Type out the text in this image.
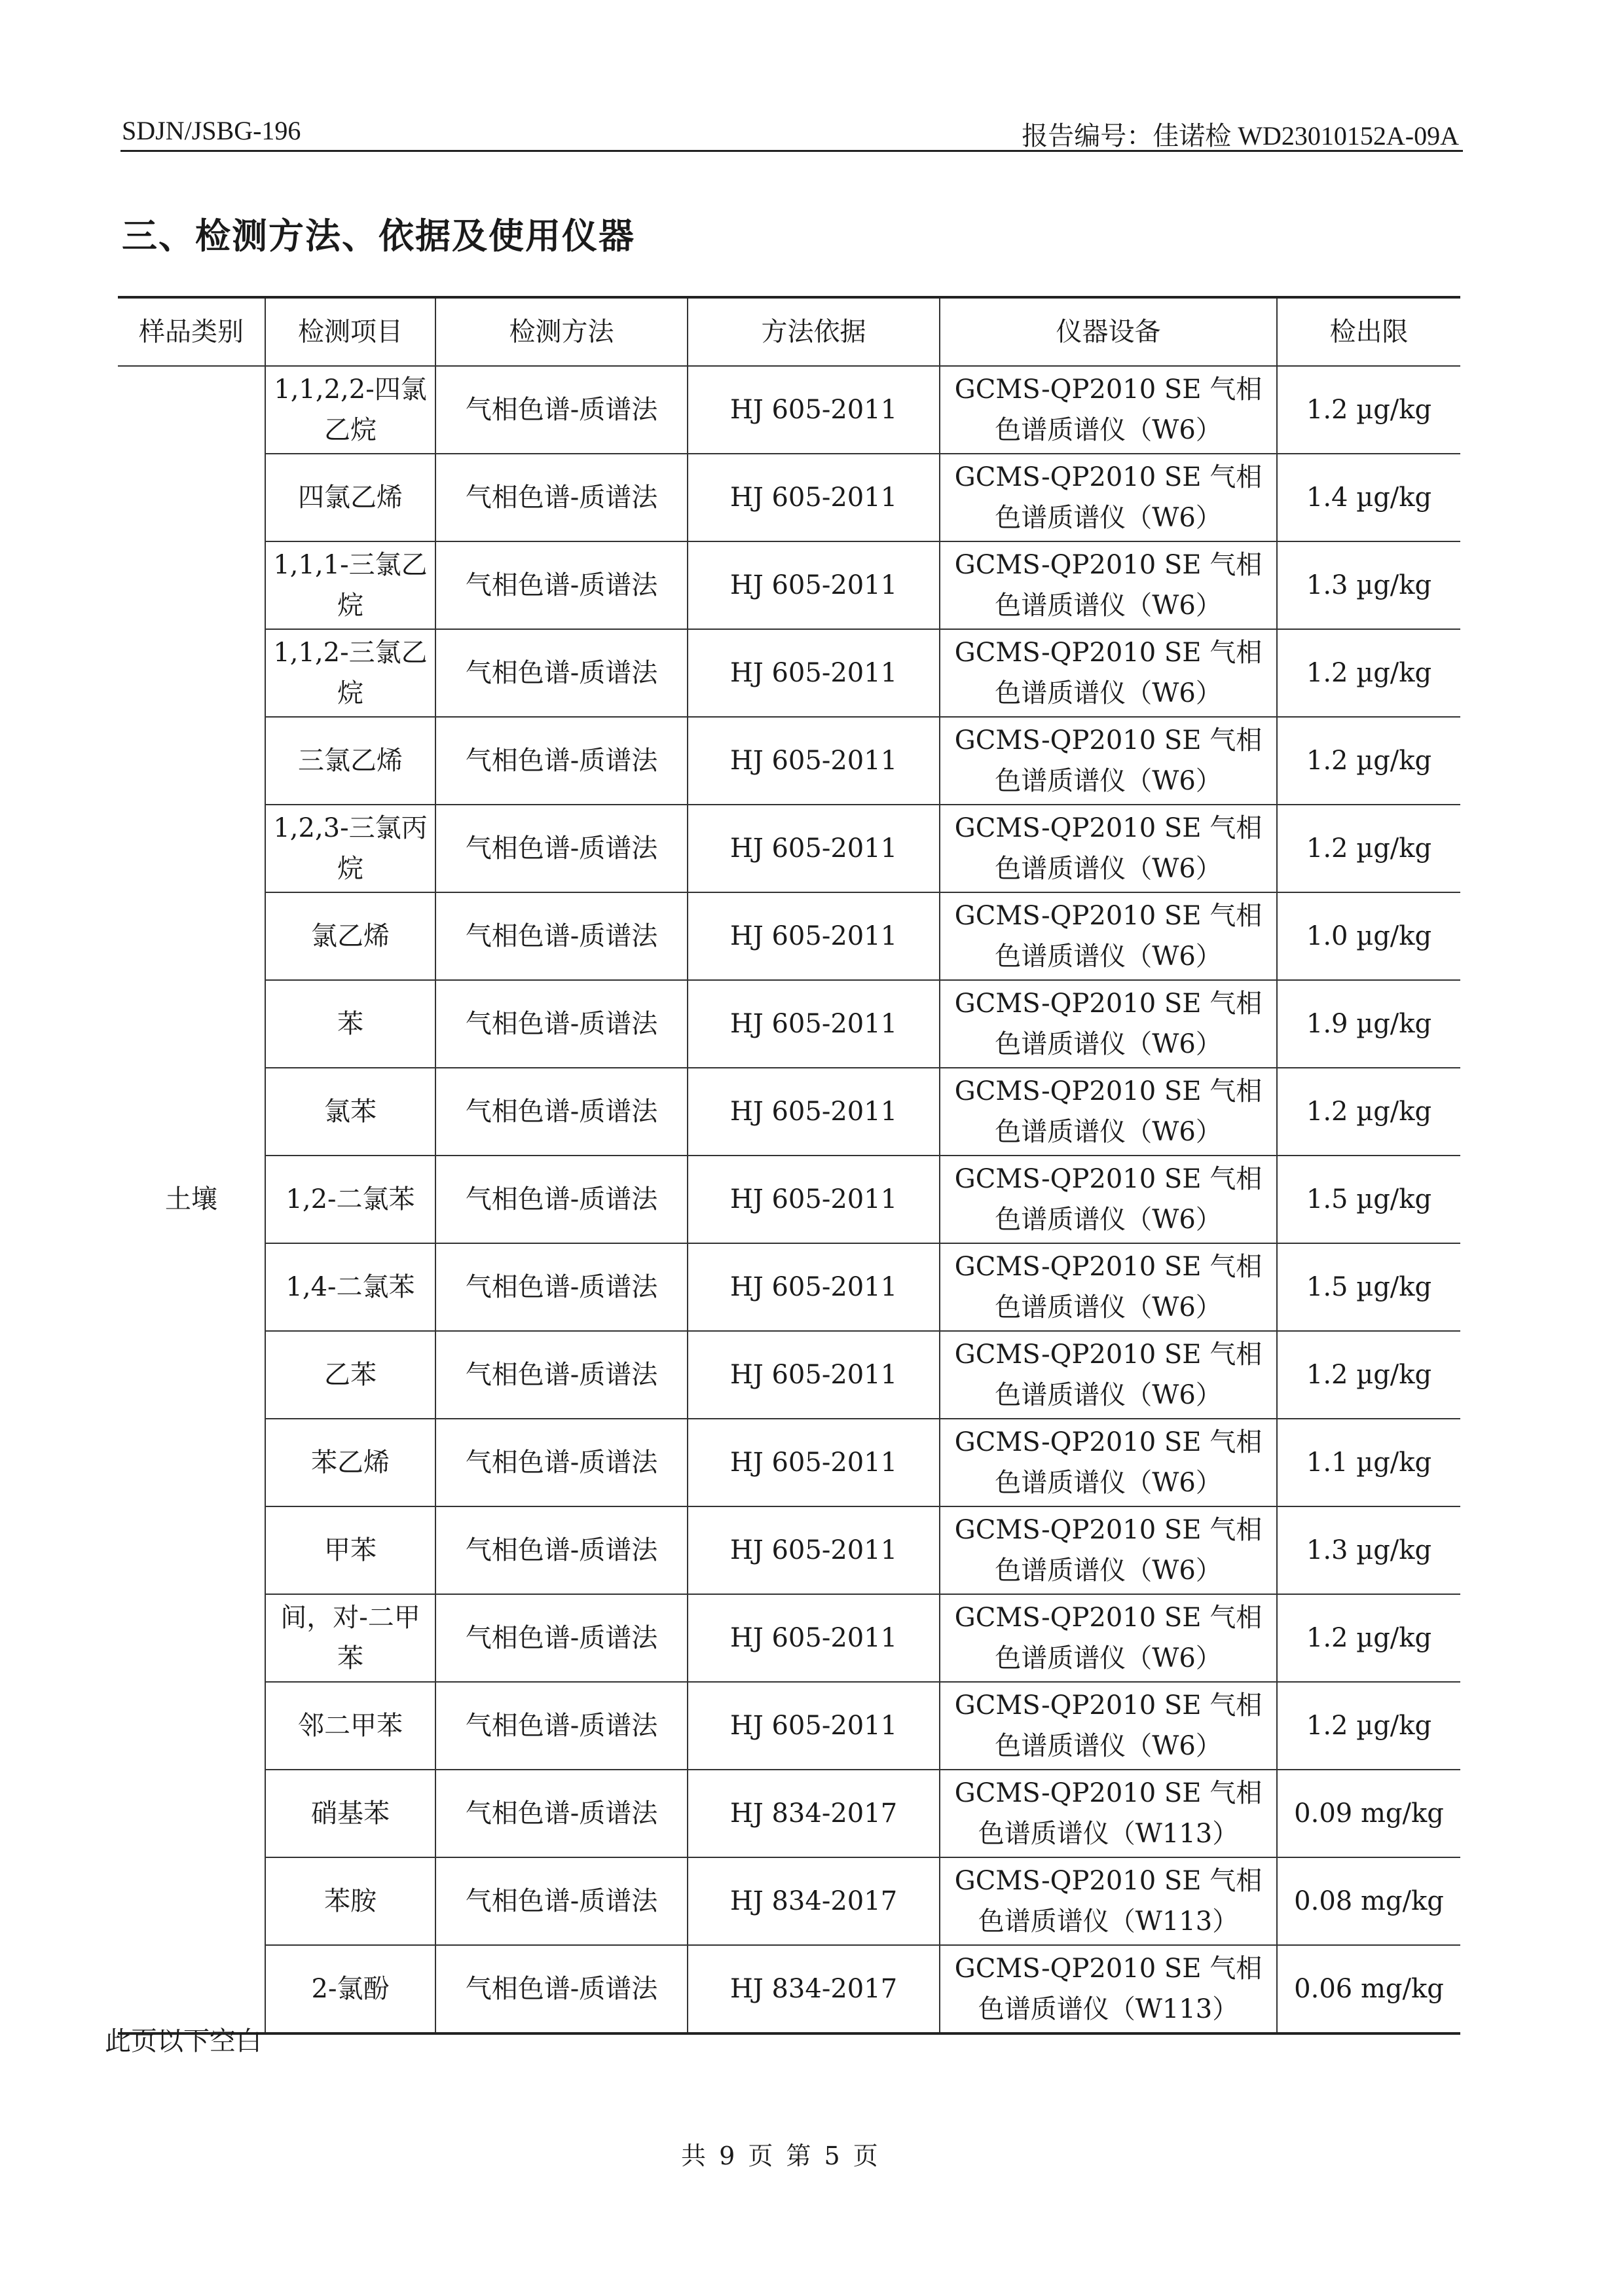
SDJN/JSBG-196	报告编号：佳诺检 WD23010152A-09A
三、检测方法、依据及使用仪器
样品类别	检测项目	检测方法	方法依据	仪器设备	检出限
土壤	1,1,2,2-四氯乙烷	气相色谱-质谱法	HJ 605-2011	GCMS-QP2010 SE 气相色谱质谱仪（W6）	1.2 µg/kg
	四氯乙烯	气相色谱-质谱法	HJ 605-2011	GCMS-QP2010 SE 气相色谱质谱仪（W6）	1.4 µg/kg
	1,1,1-三氯乙烷	气相色谱-质谱法	HJ 605-2011	GCMS-QP2010 SE 气相色谱质谱仪（W6）	1.3 µg/kg
	1,1,2-三氯乙烷	气相色谱-质谱法	HJ 605-2011	GCMS-QP2010 SE 气相色谱质谱仪（W6）	1.2 µg/kg
	三氯乙烯	气相色谱-质谱法	HJ 605-2011	GCMS-QP2010 SE 气相色谱质谱仪（W6）	1.2 µg/kg
	1,2,3-三氯丙烷	气相色谱-质谱法	HJ 605-2011	GCMS-QP2010 SE 气相色谱质谱仪（W6）	1.2 µg/kg
	氯乙烯	气相色谱-质谱法	HJ 605-2011	GCMS-QP2010 SE 气相色谱质谱仪（W6）	1.0 µg/kg
	苯	气相色谱-质谱法	HJ 605-2011	GCMS-QP2010 SE 气相色谱质谱仪（W6）	1.9 µg/kg
	氯苯	气相色谱-质谱法	HJ 605-2011	GCMS-QP2010 SE 气相色谱质谱仪（W6）	1.2 µg/kg
	1,2-二氯苯	气相色谱-质谱法	HJ 605-2011	GCMS-QP2010 SE 气相色谱质谱仪（W6）	1.5 µg/kg
	1,4-二氯苯	气相色谱-质谱法	HJ 605-2011	GCMS-QP2010 SE 气相色谱质谱仪（W6）	1.5 µg/kg
	乙苯	气相色谱-质谱法	HJ 605-2011	GCMS-QP2010 SE 气相色谱质谱仪（W6）	1.2 µg/kg
	苯乙烯	气相色谱-质谱法	HJ 605-2011	GCMS-QP2010 SE 气相色谱质谱仪（W6）	1.1 µg/kg
	甲苯	气相色谱-质谱法	HJ 605-2011	GCMS-QP2010 SE 气相色谱质谱仪（W6）	1.3 µg/kg
	间，对-二甲苯	气相色谱-质谱法	HJ 605-2011	GCMS-QP2010 SE 气相色谱质谱仪（W6）	1.2 µg/kg
	邻二甲苯	气相色谱-质谱法	HJ 605-2011	GCMS-QP2010 SE 气相色谱质谱仪（W6）	1.2 µg/kg
	硝基苯	气相色谱-质谱法	HJ 834-2017	GCMS-QP2010 SE 气相色谱质谱仪（W113）	0.09 mg/kg
	苯胺	气相色谱-质谱法	HJ 834-2017	GCMS-QP2010 SE 气相色谱质谱仪（W113）	0.08 mg/kg
	2-氯酚	气相色谱-质谱法	HJ 834-2017	GCMS-QP2010 SE 气相色谱质谱仪（W113）	0.06 mg/kg
此页以下空白
共 9 页 第 5 页
